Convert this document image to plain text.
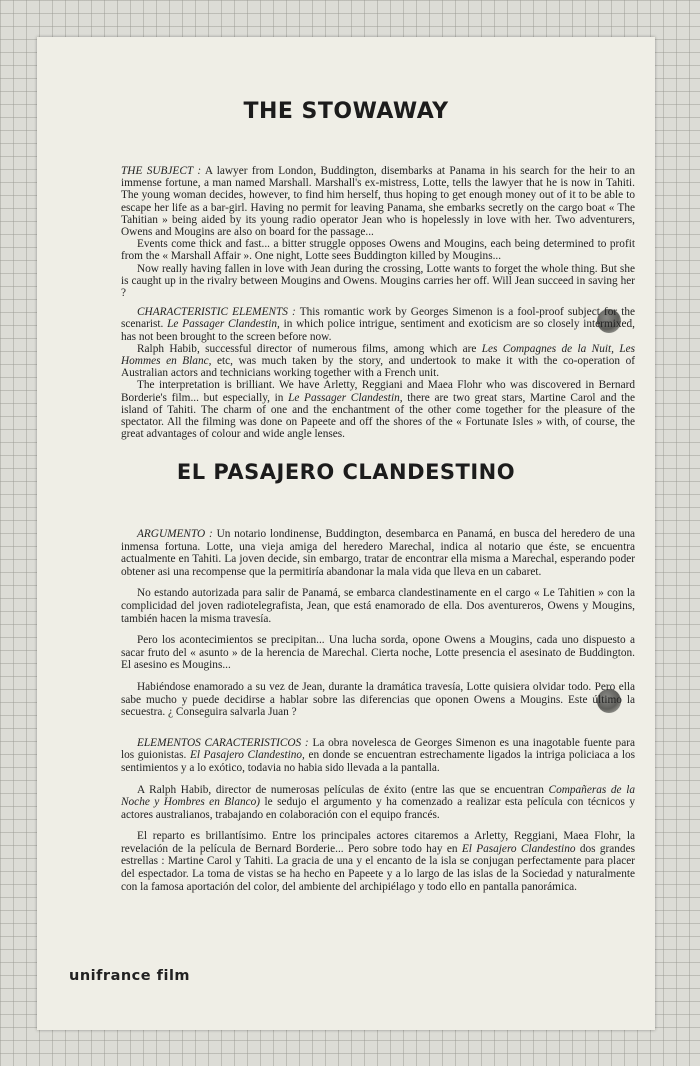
THE STOWAWAY

THE SUBJECT : A lawyer from London, Buddington, disembarks at Panama in his search for the heir to an immense fortune, a man named Marshall. Marshall's ex-mistress, Lotte, tells the lawyer that he is now in Tahiti. The young woman decides, however, to find him herself, thus hoping to get enough money out of it to be able to escape her life as a bar-girl. Having no permit for leaving Panama, she embarks secretly on the cargo boat « The Tahitian » being aided by its young radio operator Jean who is hopelessly in love with her. Two adventurers, Owens and Mougins are also on board for the passage...

Events come thick and fast... a bitter struggle opposes Owens and Mougins, each being determined to profit from the « Marshall Affair ». One night, Lotte sees Buddington killed by Mougins...

Now really having fallen in love with Jean during the crossing, Lotte wants to forget the whole thing. But she is caught up in the rivalry between Mougins and Owens. Mougins carries her off. Will Jean succeed in saving her ?

CHARACTERISTIC ELEMENTS : This romantic work by Georges Simenon is a fool-proof subject for the scenarist. Le Passager Clandestin, in which police intrigue, sentiment and exoticism are so closely intermixed, has not been brought to the screen before now.

Ralph Habib, successful director of numerous films, among which are Les Compagnes de la Nuit, Les Hommes en Blanc, etc, was much taken by the story, and undertook to make it with the co-operation of Australian actors and technicians working together with a French unit.

The interpretation is brilliant. We have Arletty, Reggiani and Maea Flohr who was discovered in Bernard Borderie's film... but especially, in Le Passager Clandestin, there are two great stars, Martine Carol and the island of Tahiti. The charm of one and the enchantment of the other come together for the pleasure of the spectator. All the filming was done on Papeete and off the shores of the « Fortunate Isles » with, of course, the great advantages of colour and wide angle lenses.

EL PASAJERO CLANDESTINO

ARGUMENTO : Un notario londinense, Buddington, desembarca en Panamá, en busca del heredero de una inmensa fortuna. Lotte, una vieja amiga del heredero Marechal, indica al notario que éste, se encuentra actualmente en Tahiti. La joven decide, sin embargo, tratar de encontrar ella misma a Marechal, esperando poder obtener asi una recompense que la permitiría abandonar la mala vida que lleva en un cabaret.

No estando autorizada para salir de Panamá, se embarca clandestinamente en el cargo « Le Tahitien » con la complicidad del joven radiotelegrafista, Jean, que está enamorado de ella. Dos aventureros, Owens y Mougins, también hacen la misma travesía.

Pero los acontecimientos se precipitan... Una lucha sorda, opone Owens a Mougins, cada uno dispuesto a sacar fruto del « asunto » de la herencia de Marechal. Cierta noche, Lotte presencia el asesinato de Buddington. El asesino es Mougins...

Habiéndose enamorado a su vez de Jean, durante la dramática travesía, Lotte quisiera olvidar todo. Pero ella sabe mucho y puede decidirse a hablar sobre las diferencias que oponen Owens a Mougins. Este último la secuestra. ¿ Conseguira salvarla Juan ?

ELEMENTOS CARACTERISTICOS : La obra novelesca de Georges Simenon es una inagotable fuente para los guionistas. El Pasajero Clandestino, en donde se encuentran estrechamente ligados la intriga policiaca a los sentimientos y a lo exótico, todavia no habia sido llevada a la pantalla.

A Ralph Habib, director de numerosas películas de éxito (entre las que se encuentran Compañeras de la Noche y Hombres en Blanco) le sedujo el argumento y ha comenzado a realizar esta película con técnicos y actores australianos, trabajando en colaboración con el equipo francés.

El reparto es brillantísimo. Entre los principales actores citaremos a Arletty, Reggiani, Maea Flohr, la revelación de la película de Bernard Borderie... Pero sobre todo hay en El Pasajero Clandestino dos grandes estrellas : Martine Carol y Tahiti. La gracia de una y el encanto de la isla se conjugan perfectamente para placer del espectador. La toma de vistas se ha hecho en Papeete y a lo largo de las islas de la Sociedad y naturalmente con la famosa aportación del color, del ambiente del archipiélago y todo ello en pantalla panorámica.

unifrance film
